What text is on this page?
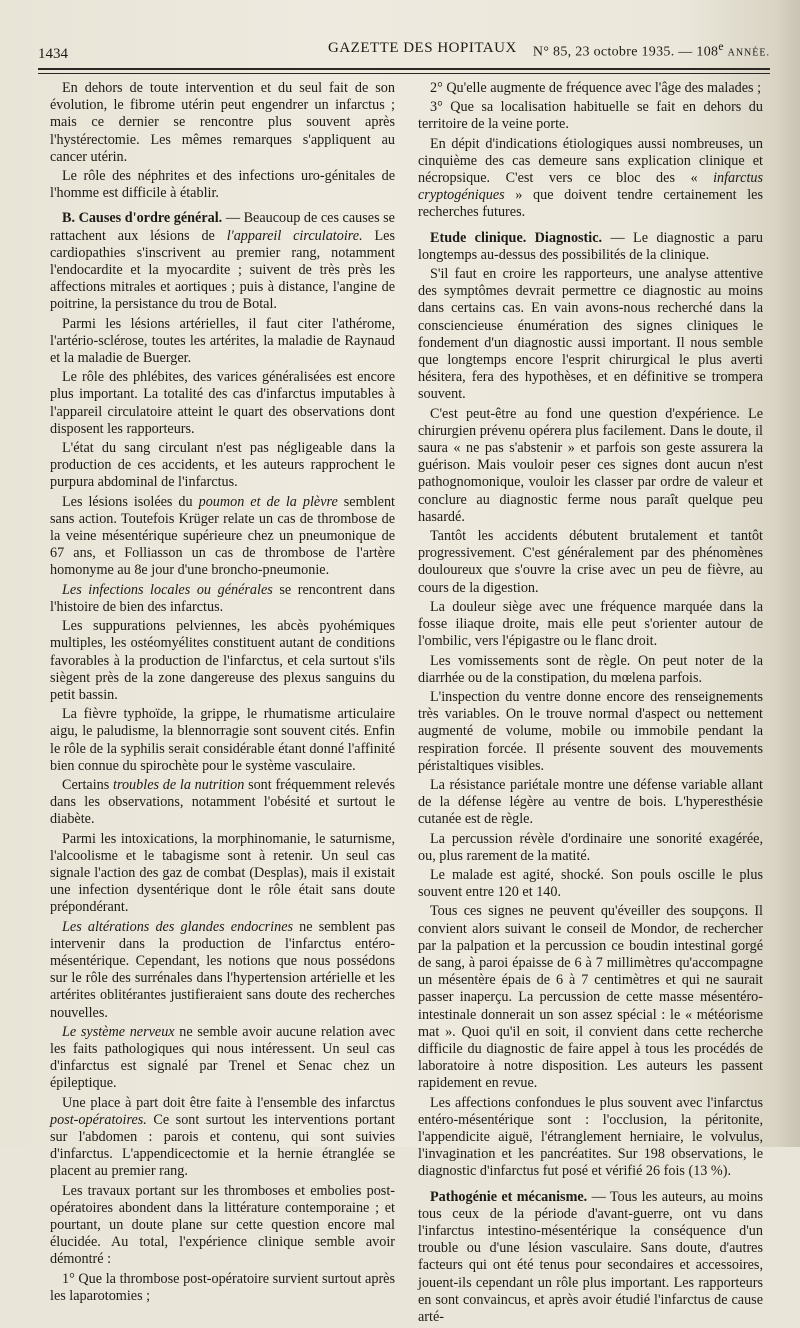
1434	GAZETTE DES HOPITAUX N° 85, 23 octobre 1935. — 108e ANNÉE.

En dehors de toute intervention et du seul fait de son évolution, le fibrome utérin peut engendrer un infarctus ; mais ce dernier se rencontre plus souvent après l'hystérectomie. Les mêmes remarques s'appliquent au cancer utérin.

Le rôle des néphrites et des infections uro-génitales de l'homme est difficile à établir.

B. Causes d'ordre général. — Beaucoup de ces causes se rattachent aux lésions de l'appareil circulatoire. Les cardiopathies s'inscrivent au premier rang, notamment l'endocardite et la myocardite ; suivent de très près les affections mitrales et aortiques ; puis à distance, l'angine de poitrine, la persistance du trou de Botal.

Parmi les lésions artérielles, il faut citer l'athérome, l'artério-sclérose, toutes les artérites, la maladie de Raynaud et la maladie de Buerger.

Le rôle des phlébites, des varices généralisées est encore plus important. La totalité des cas d'infarctus imputables à l'appareil circulatoire atteint le quart des observations dont disposent les rapporteurs.

L'état du sang circulant n'est pas négligeable dans la production de ces accidents, et les auteurs rapprochent le purpura abdominal de l'infarctus.

Les lésions isolées du poumon et de la plèvre semblent sans action. Toutefois Krüger relate un cas de thrombose de la veine mésentérique supérieure chez un pneumonique de 67 ans, et Folliasson un cas de thrombose de l'artère homonyme au 8e jour d'une broncho-pneumonie.

Les infections locales ou générales se rencontrent dans l'histoire de bien des infarctus.

Les suppurations pelviennes, les abcès pyohémiques multiples, les ostéomyélites constituent autant de conditions favorables à la production de l'infarctus, et cela surtout s'ils siègent près de la zone dangereuse des plexus sanguins du petit bassin.

La fièvre typhoïde, la grippe, le rhumatisme articulaire aigu, le paludisme, la blennorragie sont souvent cités. Enfin le rôle de la syphilis serait considérable étant donné l'affinité bien connue du spirochète pour le système vasculaire.

Certains troubles de la nutrition sont fréquemment relevés dans les observations, notamment l'obésité et surtout le diabète.

Parmi les intoxications, la morphinomanie, le saturnisme, l'alcoolisme et le tabagisme sont à retenir. Un seul cas signale l'action des gaz de combat (Desplas), mais il existait une infection dysentérique dont le rôle était sans doute prépondérant.

Les altérations des glandes endocrines ne semblent pas intervenir dans la production de l'infarctus entéro-mésentérique. Cependant, les notions que nous possédons sur le rôle des surrénales dans l'hypertension artérielle et les artérites oblitérantes justifieraient sans doute des recherches nouvelles.

Le système nerveux ne semble avoir aucune relation avec les faits pathologiques qui nous intéressent. Un seul cas d'infarctus est signalé par Trenel et Senac chez un épileptique.

Une place à part doit être faite à l'ensemble des infarctus post-opératoires. Ce sont surtout les interventions portant sur l'abdomen : parois et contenu, qui sont suivies d'infarctus. L'appendicectomie et la hernie étranglée se placent au premier rang.

Les travaux portant sur les thromboses et embolies post-opératoires abondent dans la littérature contemporaine ; et pourtant, un doute plane sur cette question encore mal élucidée. Au total, l'expérience clinique semble avoir démontré :

1° Que la thrombose post-opératoire survient surtout après les laparotomies ;

2° Qu'elle augmente de fréquence avec l'âge des malades ;

3° Que sa localisation habituelle se fait en dehors du territoire de la veine porte.

En dépit d'indications étiologiques aussi nombreuses, un cinquième des cas demeure sans explication clinique et nécropsique. C'est vers ce bloc des « infarctus cryptogéniques » que doivent tendre certainement les recherches futures.

Etude clinique. Diagnostic. — Le diagnostic a paru longtemps au-dessus des possibilités de la clinique.

S'il faut en croire les rapporteurs, une analyse attentive des symptômes devrait permettre ce diagnostic au moins dans certains cas. En vain avons-nous recherché dans la consciencieuse énumération des signes cliniques le fondement d'un diagnostic aussi important. Il nous semble que longtemps encore l'esprit chirurgical le plus averti hésitera, fera des hypothèses, et en définitive se trompera souvent.

C'est peut-être au fond une question d'expérience. Le chirurgien prévenu opérera plus facilement. Dans le doute, il saura « ne pas s'abstenir » et parfois son geste assurera la guérison. Mais vouloir peser ces signes dont aucun n'est pathognomonique, vouloir les classer par ordre de valeur et conclure au diagnostic ferme nous paraît quelque peu hasardé.

Tantôt les accidents débutent brutalement et tantôt progressivement. C'est généralement par des phénomènes douloureux que s'ouvre la crise avec un peu de fièvre, au cours de la digestion.

La douleur siège avec une fréquence marquée dans la fosse iliaque droite, mais elle peut s'orienter autour de l'ombilic, vers l'épigastre ou le flanc droit.

Les vomissements sont de règle. On peut noter de la diarrhée ou de la constipation, du mœlena parfois.

L'inspection du ventre donne encore des renseignements très variables. On le trouve normal d'aspect ou nettement augmenté de volume, mobile ou immobile pendant la respiration forcée. Il présente souvent des mouvements péristaltiques visibles.

La résistance pariétale montre une défense variable allant de la défense légère au ventre de bois. L'hyperesthésie cutanée est de règle.

La percussion révèle d'ordinaire une sonorité exagérée, ou, plus rarement de la matité.

Le malade est agité, shocké. Son pouls oscille le plus souvent entre 120 et 140.

Tous ces signes ne peuvent qu'éveiller des soupçons. Il convient alors suivant le conseil de Mondor, de rechercher par la palpation et la percussion ce boudin intestinal gorgé de sang, à paroi épaisse de 6 à 7 millimètres qu'accompagne un mésentère épais de 6 à 7 centimètres et qui ne saurait passer inaperçu. La percussion de cette masse mésentéro-intestinale donnerait un son assez spécial : le « météorisme mat ». Quoi qu'il en soit, il convient dans cette recherche difficile du diagnostic de faire appel à tous les procédés de laboratoire à notre disposition. Les auteurs les passent rapidement en revue.

Les affections confondues le plus souvent avec l'infarctus entéro-mésentérique sont : l'occlusion, la péritonite, l'appendicite aiguë, l'étranglement herniaire, le volvulus, l'invagination et les pancréatites. Sur 198 observations, le diagnostic d'infarctus fut posé et vérifié 26 fois (13 %).

Pathogénie et mécanisme. — Tous les auteurs, au moins tous ceux de la période d'avant-guerre, ont vu dans l'infarctus intestino-mésentérique la conséquence d'un trouble ou d'une lésion vasculaire. Sans doute, d'autres facteurs qui ont été tenus pour secondaires et accessoires, jouent-ils cependant un rôle plus important. Les rapporteurs en sont convaincus, et après avoir étudié l'infarctus de cause arté-
